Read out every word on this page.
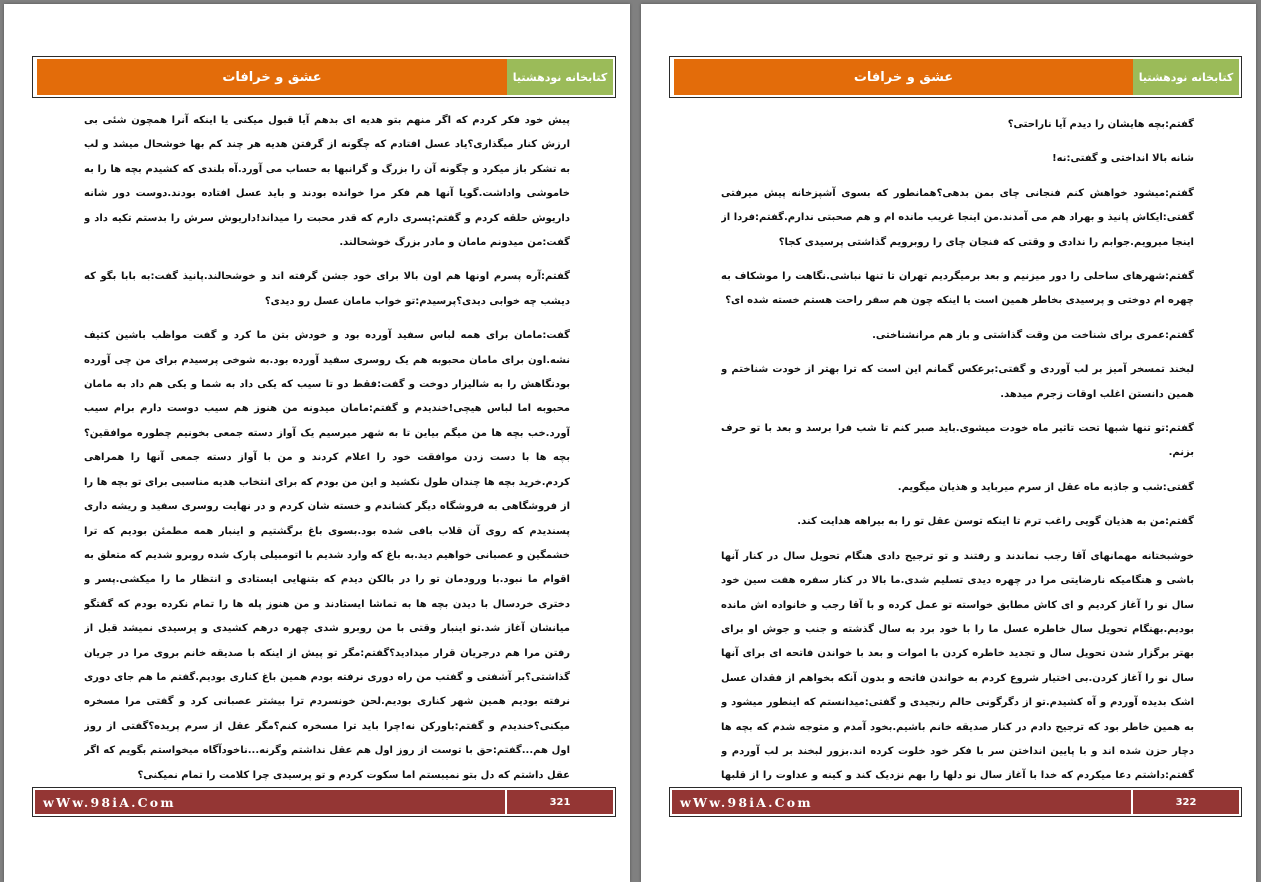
عشق و خرافات	کتابخانه نودهشتیا

پیش خود فکر کردم که اگر منهم بتو هدیه ای بدهم آیا قبول میکنی یا اینکه آنرا همچون شئی بی ارزش کنار میگذاری؟یاد عسل افتادم که چگونه از گرفتن هدیه هر چند کم بها خوشحال میشد و لب به تشکر باز میکرد و چگونه آن را بزرگ و گرانبها به حساب می آورد.آه بلندی که کشیدم بچه ها را به خاموشی واداشت.گویا آنها هم فکر مرا خوانده بودند و باید عسل افتاده بودند.دوست دور شانه داریوش حلقه کردم و گفتم:پسری دارم که قدر محبت را میداند!داریوش سرش را بدستم تکیه داد و گفت:من میدونم مامان و مادر بزرگ خوشحالند.

گفتم:آره پسرم اونها هم اون بالا برای خود جشن گرفته اند و خوشحالند.پانیذ گفت:به بابا بگو که دیشب چه خوابی دیدی؟پرسیدم:تو خواب مامان عسل رو دیدی؟

گفت:مامان برای همه لباس سفید آورده بود و خودش بتن ما کرد و گفت مواظب باشین کثیف نشه.اون برای مامان محبوبه هم یک روسری سفید آورده بود.به شوخی پرسیدم برای من چی آورده بودنگاهش را به شالیزار دوخت و گفت:فقط دو تا سیب که یکی داد به شما و یکی هم داد به مامان محبوبه اما لباس هیچی!خندیدم و گفتم:مامان میدونه من هنوز هم سیب دوست دارم برام سیب آورد.خب بچه ها من میگم بیاین تا به شهر میرسیم یک آواز دسته جمعی بخونیم چطوره موافقین؟بچه ها با دست زدن موافقت خود را اعلام کردند و من با آواز دسته جمعی آنها را همراهی کردم.خرید بچه ها چندان طول نکشید و این من بودم که برای انتخاب هدیه مناسبی برای تو بچه ها را از فروشگاهی به فروشگاه دیگر کشاندم و خسته شان کردم و در نهایت روسری سفید و ریشه داری پسندیدم که روی آن قلاب بافی شده بود.بسوی باغ برگشتیم و اینبار همه مطمئن بودیم که ترا خشمگین و عصبانی خواهیم دید.به باغ که وارد شدیم با اتومبیلی پارک شده روبرو شدیم که متعلق به اقوام ما نبود.با ورودمان تو را در بالکن دیدم که بتنهایی ایستادی و انتظار ما را میکشی.پسر و دختری خردسال با دیدن بچه ها به تماشا ایستادند و من هنوز پله ها را تمام نکرده بودم که گفتگو میانشان آغاز شد.تو اینبار وقتی با من روبرو شدی چهره درهم کشیدی و پرسیدی نمیشد قبل از رفتن مرا هم درجریان قرار میدادید؟گفتم:مگر تو پیش از اینکه با صدیقه خانم بروی مرا در جریان گذاشتی؟بر آشفتی و گفتب من راه دوری نرفته بودم همین باغ کناری بودیم.گفتم ما هم جای دوری نرفته بودیم همین شهر کناری بودیم.لحن خونسردم ترا بیشتر عصبانی کرد و گفتی مرا مسخره میکنی؟خندیدم و گفتم:باورکن نه!چرا باید ترا مسخره کنم؟مگر عقل از سرم پریده؟گفتی از روز اول هم...گفتم:حق با توست از روز اول هم عقل نداشتم وگرنه...ناخودآگاه میخواستم بگویم که اگر عقل داشتم که دل بتو نمیبستم اما سکوت کردم و تو پرسیدی چرا کلامت را تمام نمیکنی؟

wWw.98iA.Com	321
عشق و خرافات	کتابخانه نودهشتیا

گفتم:بچه هایشان را دیدم آیا ناراحتی؟

شانه بالا انداختی و گفتی:نه!

گفتم:میشود خواهش کنم فنجانی چای بمن بدهی؟همانطور که بسوی آشپزخانه پیش میرفتی گفتی:ایکاش پانیذ و بهراد هم می آمدند.من اینجا غریب مانده ام و هم صحبتی ندارم.گفتم:فردا از اینجا میرویم.جوابم را ندادی و وقتی که فنجان چای را روبرویم گذاشتی پرسیدی کجا؟

گفتم:شهرهای ساحلی را دور میزنیم و بعد برمیگردیم تهران تا تنها نباشی.نگاهت را موشکاف به چهره ام دوختی و پرسیدی بخاطر همین است یا اینکه چون هم سفر راحت هستم خسته شده ای؟

گفتم:عمری برای شناخت من وقت گذاشتی و باز هم مرانشناختی.

لبخند تمسخر آمیز بر لب آوردی و گفتی:برعکس گمانم این است که ترا بهتر از خودت شناختم و همین دانستن اغلب اوقات زجرم میدهد.

گفتم:تو تنها شبها تحت تاثیر ماه خودت میشوی.باید صبر کنم تا شب فرا برسد و بعد با تو حرف بزنم.

گفتی:شب و جاذبه ماه عقل از سرم میرباید و هذیان میگویم.

گفتم:من به هذیان گویی راغب ترم تا اینکه توسن عقل تو را به بیراهه هدایت کند.

خوشبختانه مهمانهای آقا رجب نماندند و رفتند و تو ترجیح دادی هنگام تحویل سال در کنار آنها باشی و هنگامیکه نارضایتی مرا در چهره دیدی تسلیم شدی.ما بالا در کنار سفره هفت سین خود سال نو را آغاز کردیم و ای کاش مطابق خواسته تو عمل کرده و با آقا رجب و خانواده اش مانده بودیم.بهنگام تحویل سال خاطره عسل ما را با خود برد به سال گذشته و جنب و جوش او برای بهتر برگزار شدن تحویل سال و تجدید خاطره کردن با اموات و بعد با خواندن فاتحه ای برای آنها سال نو را آغاز کردن.بی اختیار شروع کردم به خواندن فاتحه و بدون آنکه بخواهم از فقدان عسل اشک بدیده آوردم و آه کشیدم.تو از دگرگونی حالم رنجیدی و گفتی:میدانستم که اینطور میشود و به همین خاطر بود که ترجیح دادم در کنار صدیقه خانم باشیم.بخود آمدم و متوجه شدم که بچه ها دچار حزن شده اند و با پایین انداختن سر با فکر خود خلوت کرده اند.بزور لبخند بر لب آوردم و گفتم:داشتم دعا میکردم که خدا با آغاز سال نو دلها را بهم نزدیک کند و کینه و عداوت را از قلبها

wWw.98iA.Com	322
